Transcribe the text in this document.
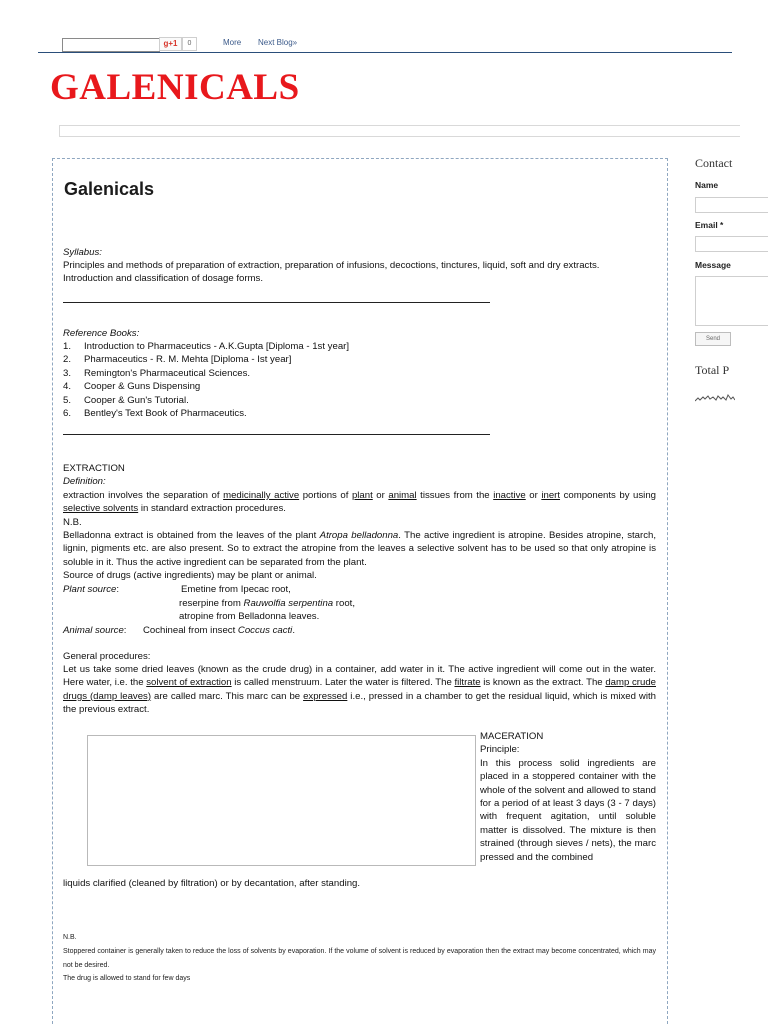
g+1	0	More Next Blog»
GALENICALS
Galenicals

Syllabus:

Principles and methods of preparation of extraction, preparation of infusions, decoctions, tinctures, liquid, soft and dry extracts. Introduction and classification of dosage forms.

Reference Books:

1. Introduction to Pharmaceutics - A.K.Gupta [Diploma - 1st year]
2. Pharmaceutics - R. M. Mehta [Diploma - Ist year]
3. Remington's Pharmaceutical Sciences.
4. Cooper & Guns Dispensing
5. Cooper & Gun's Tutorial.
6. Bentley's Text Book of Pharmaceutics.

EXTRACTION

Definition:

extraction involves the separation of medicinally active portions of plant or animal tissues from the inactive or inert components by using selective solvents in standard extraction procedures.

N.B.

Belladonna extract is obtained from the leaves of the plant Atropa belladonna. The active ingredient is atropine. Besides atropine, starch, lignin, pigments etc. are also present. So to extract the atropine from the leaves a selective solvent has to be used so that only atropine is soluble in it. Thus the active ingredient can be separated from the plant.

Source of drugs (active ingredients) may be plant or animal.

Plant source:	Emetine from Ipecac root,

reserpine from Rauwolfia serpentina root,

atropine from Belladonna leaves.

Animal source: Cochineal from insect Coccus cacti.

General procedures:

Let us take some dried leaves (known as the crude drug) in a container, add water in it. The active ingredient will come out in the water. Here water, i.e. the solvent of extraction is called menstruum. Later the water is filtered. The filtrate is known as the extract. The damp crude drugs (damp leaves) are called marc. This marc can be expressed i.e., pressed in a chamber to get the residual liquid, which is mixed with the previous extract.

MACERATION
Principle:
In this process solid ingredients are placed in a stoppered container with the whole of the solvent and allowed to stand for a period of at least 3 days (3 - 7 days) with frequent agitation, until soluble matter is dissolved. The mixture is then strained (through sieves / nets), the marc pressed and the combined

liquids clarified (cleaned by filtration) or by decantation, after standing.

N.B.
Stoppered container is generally taken to reduce the loss of solvents by evaporation. If the volume of solvent is reduced by evaporation then the extract may become concentrated, which may not be desired.
The drug is allowed to stand for few days
Contact
Name
Email *
Message
Send
Total P
